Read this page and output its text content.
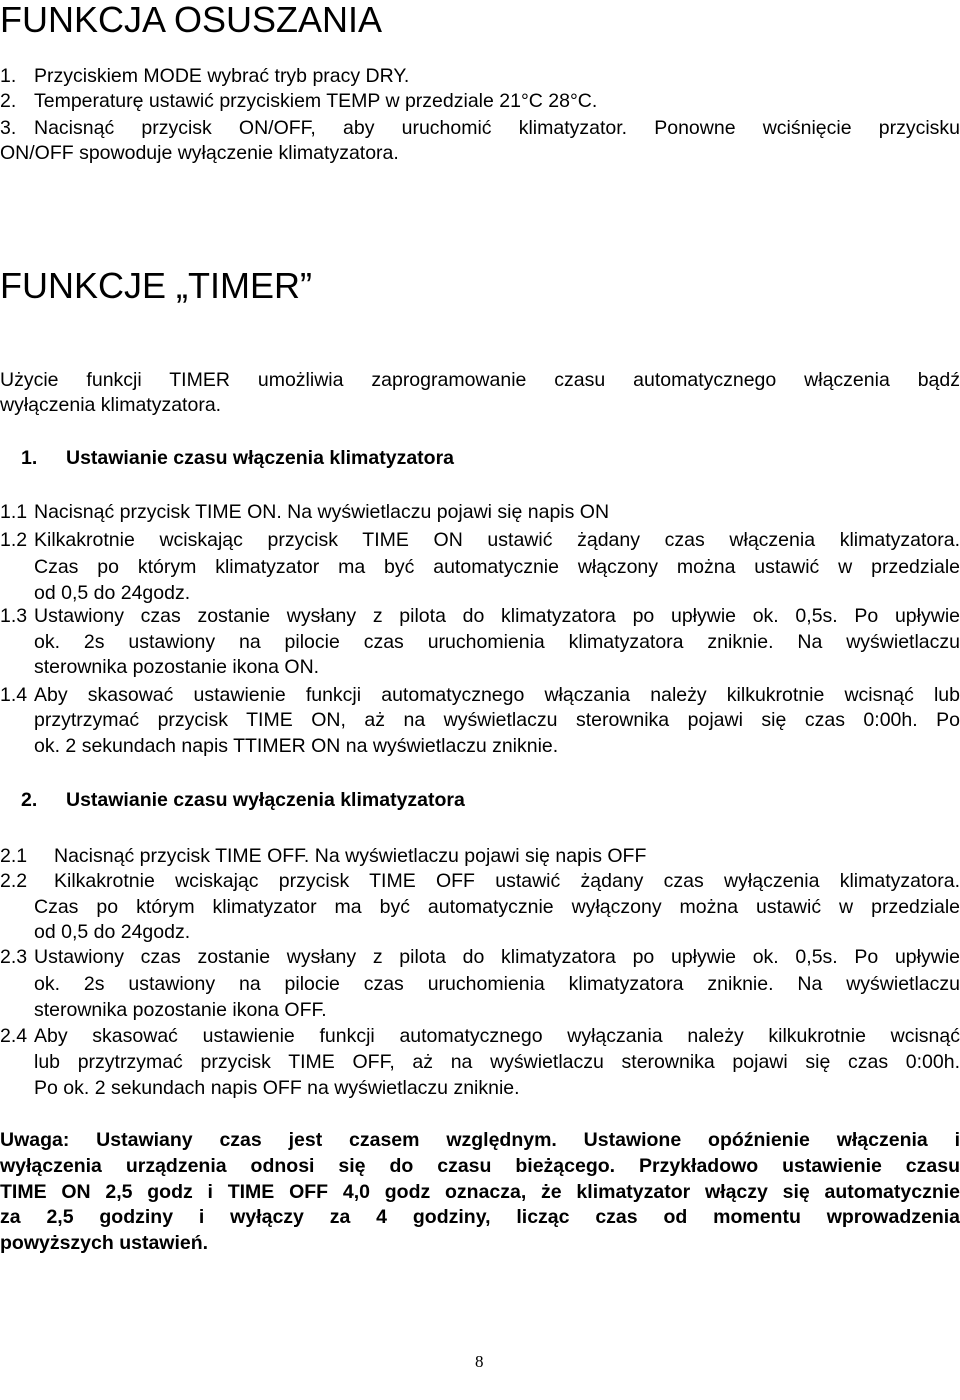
FUNKCJA OSUSZANIA
1. Przyciskiem MODE wybrać tryb pracy DRY.
2. Temperaturę ustawić przyciskiem TEMP w przedziale 21°C 28°C.
3. Nacisnąć przycisk ON/OFF, aby uruchomić klimatyzator. Ponowne wciśnięcie przycisku
ON/OFF spowoduje wyłączenie klimatyzatora.
FUNKCJE „TIMER”
Użycie funkcji TIMER umożliwia zaprogramowanie czasu automatycznego włączenia bądź
wyłączenia klimatyzatora.
1. Ustawianie czasu włączenia klimatyzatora
1.1 Nacisnąć przycisk TIME ON. Na wyświetlaczu pojawi się napis ON
1.2 Kilkakrotnie wciskając przycisk TIME ON ustawić żądany czas włączenia klimatyzatora.
Czas po którym klimatyzator ma być automatycznie włączony można ustawić w przedziale
od 0,5 do 24godz.
1.3 Ustawiony czas zostanie wysłany z pilota do klimatyzatora po upływie ok. 0,5s. Po upływie
ok. 2s ustawiony na pilocie czas uruchomienia klimatyzatora zniknie. Na wyświetlaczu
sterownika pozostanie ikona ON.
1.4 Aby skasować ustawienie funkcji automatycznego włączania należy kilkukrotnie wcisnąć lub
przytrzymać przycisk TIME ON, aż na wyświetlaczu sterownika pojawi się czas 0:00h. Po
ok. 2 sekundach napis TTIMER ON na wyświetlaczu zniknie.
2. Ustawianie czasu wyłączenia klimatyzatora
2.1 Nacisnąć przycisk TIME OFF. Na wyświetlaczu pojawi się napis OFF
2.2 Kilkakrotnie wciskając przycisk TIME OFF ustawić żądany czas wyłączenia klimatyzatora.
Czas po którym klimatyzator ma być automatycznie wyłączony można ustawić w przedziale
od 0,5 do 24godz.
2.3 Ustawiony czas zostanie wysłany z pilota do klimatyzatora po upływie ok. 0,5s. Po upływie
ok. 2s ustawiony na pilocie czas uruchomienia klimatyzatora zniknie. Na wyświetlaczu
sterownika pozostanie ikona OFF.
2.4 Aby skasować ustawienie funkcji automatycznego wyłączania należy kilkukrotnie wcisnąć
lub przytrzymać przycisk TIME OFF, aż na wyświetlaczu sterownika pojawi się czas 0:00h.
Po ok. 2 sekundach napis OFF na wyświetlaczu zniknie.
Uwaga: Ustawiany czas jest czasem względnym. Ustawione opóźnienie włączenia i
wyłączenia urządzenia odnosi się do czasu bieżącego. Przykładowo ustawienie czasu
TIME ON 2,5 godz i TIME OFF 4,0 godz oznacza, że klimatyzator włączy się automatycznie
za 2,5 godziny i wyłączy za 4 godziny, licząc czas od momentu wprowadzenia
powyższych ustawień.
8
